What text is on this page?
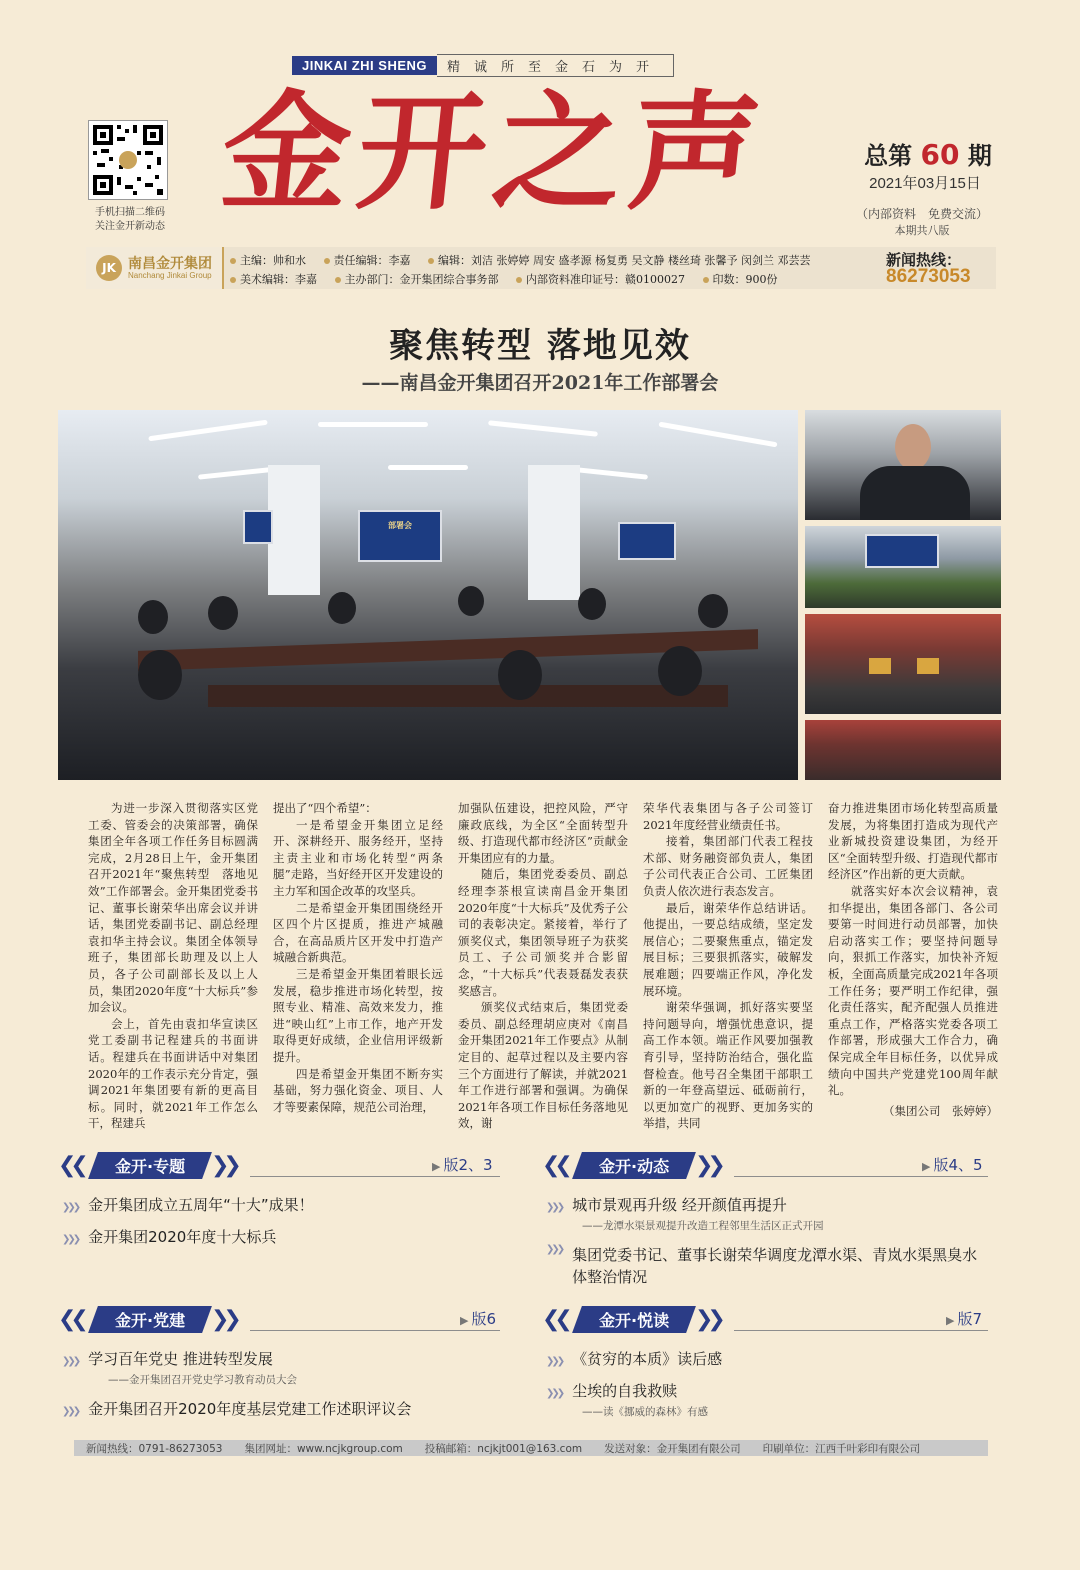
JINKAI ZHI SHENG	精诚所至金石为开
金开之声
手机扫描二维码
关注金开新动态
总第 60 期
2021年03月15日
（内部资料　免费交流）
本期共八版
JK 南昌金开集团
Nanchang Jinkai Group
主编：帅和水	责任编辑：李嘉	编辑：刘洁 张婷婷 周安 盛孝源 杨复勇 吴文静 楼丝琦 张馨予 闵剑兰 邓芸芸
美术编辑：李嘉	主办部门：金开集团综合事务部	内部资料准印证号：赣0100027	印数：900份
新闻热线：
86273053
聚焦转型 落地见效
——南昌金开集团召开2021年工作部署会
部署会

为进一步深入贯彻落实区党工委、管委会的决策部署，确保集团全年各项工作任务目标圆满完成，2月28日上午，金开集团召开2021年“聚焦转型　落地见效”工作部署会。金开集团党委书记、董事长谢荣华出席会议并讲话，集团党委副书记、副总经理袁扣华主持会议。集团全体领导班子，集团部长助理及以上人员，各子公司副部长及以上人员，集团2020年度“十大标兵”参加会议。

会上，首先由袁扣华宣读区党工委副书记程建兵的书面讲话。程建兵在书面讲话中对集团2020年的工作表示充分肯定，强调2021年集团要有新的更高目标。同时，就2021年工作怎么干，程建兵

提出了“四个希望”：

一是希望金开集团立足经开、深耕经开、服务经开，坚持主责主业和市场化转型“两条腿”走路，当好经开区开发建设的主力军和国企改革的攻坚兵。

二是希望金开集团围绕经开区四个片区提质，推进产城融合，在高品质片区开发中打造产城融合新典范。

三是希望金开集团着眼长远发展，稳步推进市场化转型，按照专业、精准、高效来发力，推进“映山红”上市工作，地产开发取得更好成绩，企业信用评级新提升。

四是希望金开集团不断夯实基础，努力强化资金、项目、人才等要素保障，规范公司治理，

加强队伍建设，把控风险，严守廉政底线，为全区“全面转型升级、打造现代都市经济区”贡献金开集团应有的力量。

随后，集团党委委员、副总经理李茶根宣读南昌金开集团2020年度“十大标兵”及优秀子公司的表彰决定。紧接着，举行了颁奖仪式，集团领导班子为获奖员工、子公司颁奖并合影留念，“十大标兵”代表聂磊发表获奖感言。

颁奖仪式结束后，集团党委委员、副总经理胡应庚对《南昌金开集团2021年工作要点》从制定目的、起草过程以及主要内容三个方面进行了解读，并就2021年工作进行部署和强调。为确保2021年各项工作目标任务落地见效，谢

荣华代表集团与各子公司签订2021年度经营业绩责任书。

接着，集团部门代表工程技术部、财务融资部负责人，集团子公司代表正合公司、工匠集团负责人依次进行表态发言。

最后，谢荣华作总结讲话。他提出，一要总结成绩，坚定发展信心；二要聚焦重点，锚定发展目标；三要狠抓落实，破解发展难题；四要端正作风，净化发展环境。

谢荣华强调，抓好落实要坚持问题导向，增强忧患意识，提高工作本领。端正作风要加强教育引导，坚持防治结合，强化监督检查。他号召全集团干部职工新的一年登高望远、砥砺前行，以更加宽广的视野、更加务实的举措，共同

奋力推进集团市场化转型高质量发展，为将集团打造成为现代产业新城投资建设集团，为经开区“全面转型升级、打造现代都市经济区”作出新的更大贡献。

就落实好本次会议精神，袁扣华提出，集团各部门、各公司要第一时间进行动员部署，加快启动落实工作；要坚持问题导向，狠抓工作落实，加快补齐短板，全面高质量完成2021年各项工作任务；要严明工作纪律，强化责任落实，配齐配强人员推进重点工作，严格落实党委各项工作部署，形成强大工作合力，确保完成全年目标任务，以优异成绩向中国共产党建党100周年献礼。

（集团公司　张婷婷）

❮❮	金开·专题	❯❯	▶ 版2、3
❯❯❯ 金开集团成立五周年“十大”成果！
❯❯❯ 金开集团2020年度十大标兵
❮❮	金开·动态	❯❯	▶ 版4、5
❯❯❯ 城市景观再升级 经开颜值再提升
——龙潭水渠景观提升改造工程邻里生活区正式开园
❯❯❯ 集团党委书记、董事长谢荣华调度龙潭水渠、青岚水渠黑臭水体整治情况
❮❮	金开·党建	❯❯	▶ 版6
❯❯❯ 学习百年党史 推进转型发展
——金开集团召开党史学习教育动员大会
❯❯❯ 金开集团召开2020年度基层党建工作述职评议会
❮❮	金开·悦读	❯❯	▶ 版7
❯❯❯ 《贫穷的本质》读后感
❯❯❯ 尘埃的自我救赎
——读《挪威的森林》有感
新闻热线：0791-86273053 集团网址：www.ncjkgroup.com 投稿邮箱：ncjkjt001@163.com 发送对象：金开集团有限公司 印刷单位：江西千叶彩印有限公司
